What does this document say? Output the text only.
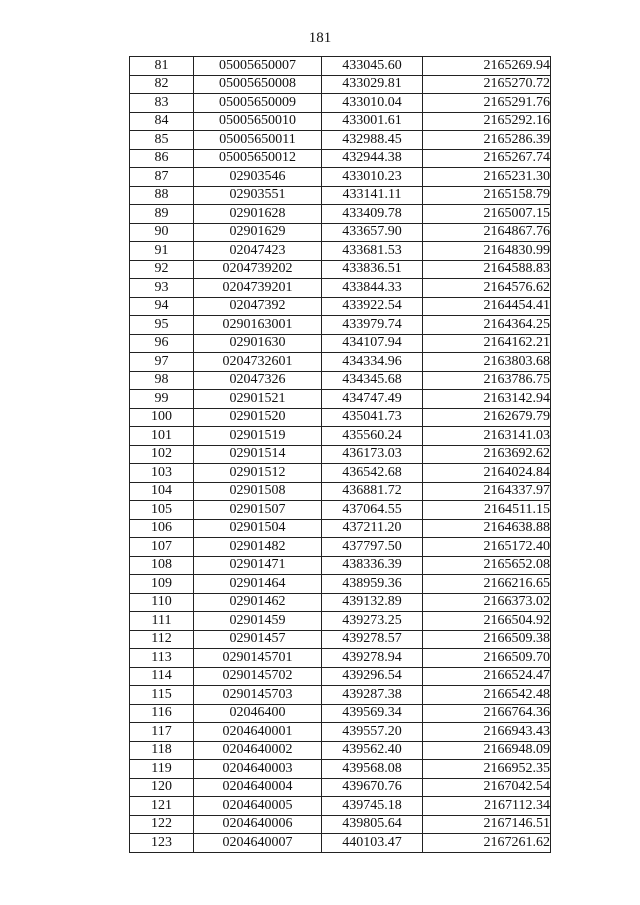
181
81	05005650007	433045.60	2165269.94
82	05005650008	433029.81	2165270.72
83	05005650009	433010.04	2165291.76
84	05005650010	433001.61	2165292.16
85	05005650011	432988.45	2165286.39
86	05005650012	432944.38	2165267.74
87	02903546	433010.23	2165231.30
88	02903551	433141.11	2165158.79
89	02901628	433409.78	2165007.15
90	02901629	433657.90	2164867.76
91	02047423	433681.53	2164830.99
92	0204739202	433836.51	2164588.83
93	0204739201	433844.33	2164576.62
94	02047392	433922.54	2164454.41
95	0290163001	433979.74	2164364.25
96	02901630	434107.94	2164162.21
97	0204732601	434334.96	2163803.68
98	02047326	434345.68	2163786.75
99	02901521	434747.49	2163142.94
100	02901520	435041.73	2162679.79
101	02901519	435560.24	2163141.03
102	02901514	436173.03	2163692.62
103	02901512	436542.68	2164024.84
104	02901508	436881.72	2164337.97
105	02901507	437064.55	2164511.15
106	02901504	437211.20	2164638.88
107	02901482	437797.50	2165172.40
108	02901471	438336.39	2165652.08
109	02901464	438959.36	2166216.65
110	02901462	439132.89	2166373.02
111	02901459	439273.25	2166504.92
112	02901457	439278.57	2166509.38
113	0290145701	439278.94	2166509.70
114	0290145702	439296.54	2166524.47
115	0290145703	439287.38	2166542.48
116	02046400	439569.34	2166764.36
117	0204640001	439557.20	2166943.43
118	0204640002	439562.40	2166948.09
119	0204640003	439568.08	2166952.35
120	0204640004	439670.76	2167042.54
121	0204640005	439745.18	2167112.34
122	0204640006	439805.64	2167146.51
123	0204640007	440103.47	2167261.62
